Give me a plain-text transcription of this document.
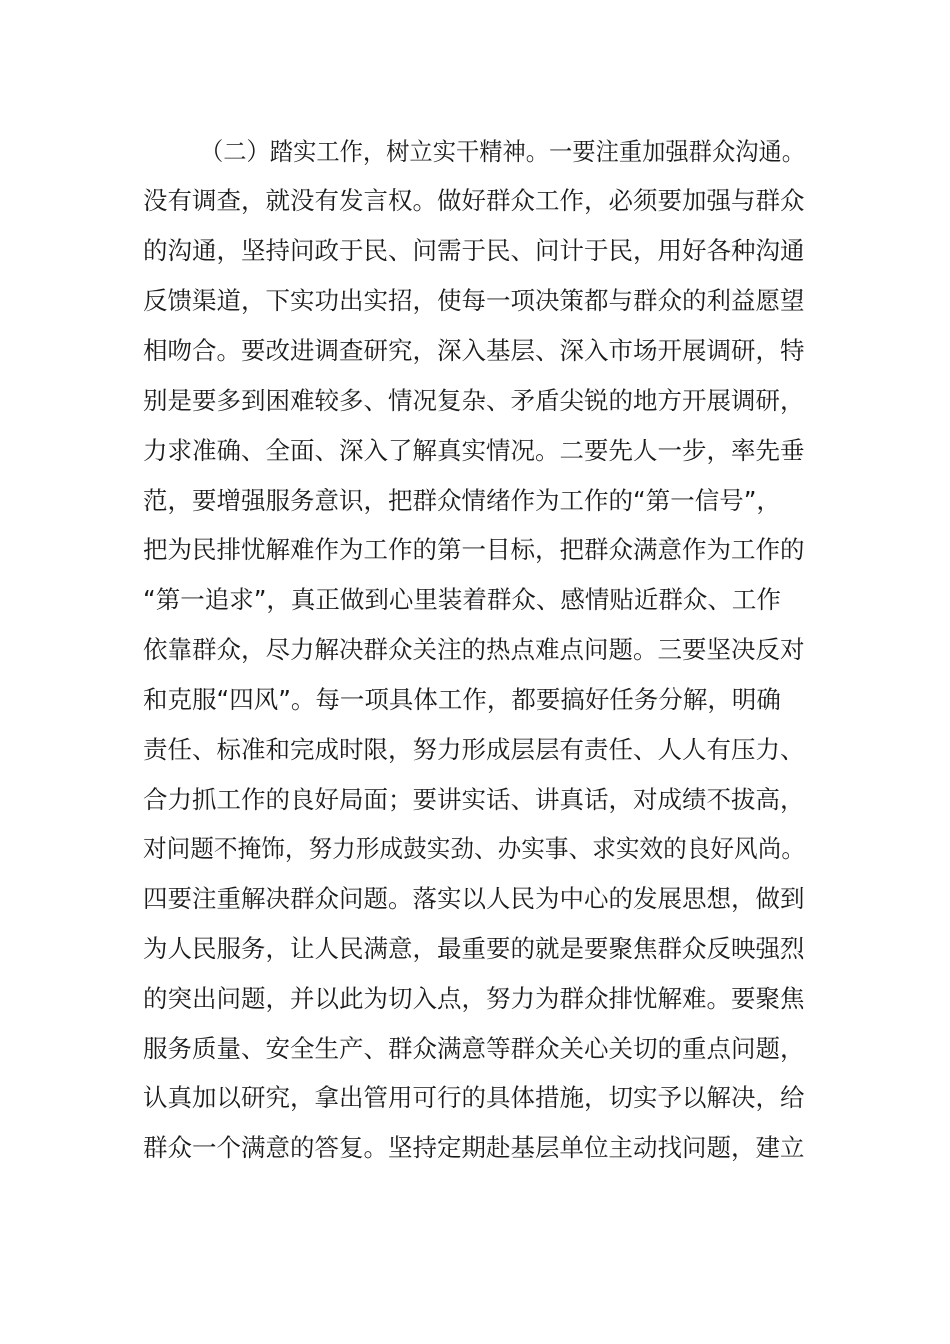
（二）踏实工作，树立实干精神。一要注重加强群众沟通。
没有调查，就没有发言权。做好群众工作，必须要加强与群众
的沟通，坚持问政于民、问需于民、问计于民，用好各种沟通
反馈渠道，下实功出实招，使每一项决策都与群众的利益愿望
相吻合。要改进调查研究，深入基层、深入市场开展调研，特
别是要多到困难较多、情况复杂、矛盾尖锐的地方开展调研，
力求准确、全面、深入了解真实情况。二要先人一步，率先垂
范，要增强服务意识，把群众情绪作为工作的“第一信号”，
把为民排忧解难作为工作的第一目标，把群众满意作为工作的
“第一追求”，真正做到心里装着群众、感情贴近群众、工作
依靠群众，尽力解决群众关注的热点难点问题。三要坚决反对
和克服“四风”。每一项具体工作，都要搞好任务分解，明确
责任、标准和完成时限，努力形成层层有责任、人人有压力、
合力抓工作的良好局面；要讲实话、讲真话，对成绩不拔高，
对问题不掩饰，努力形成鼓实劲、办实事、求实效的良好风尚。
四要注重解决群众问题。落实以人民为中心的发展思想，做到
为人民服务，让人民满意，最重要的就是要聚焦群众反映强烈
的突出问题，并以此为切入点，努力为群众排忧解难。要聚焦
服务质量、安全生产、群众满意等群众关心关切的重点问题，
认真加以研究，拿出管用可行的具体措施，切实予以解决，给
群众一个满意的答复。坚持定期赴基层单位主动找问题，建立
